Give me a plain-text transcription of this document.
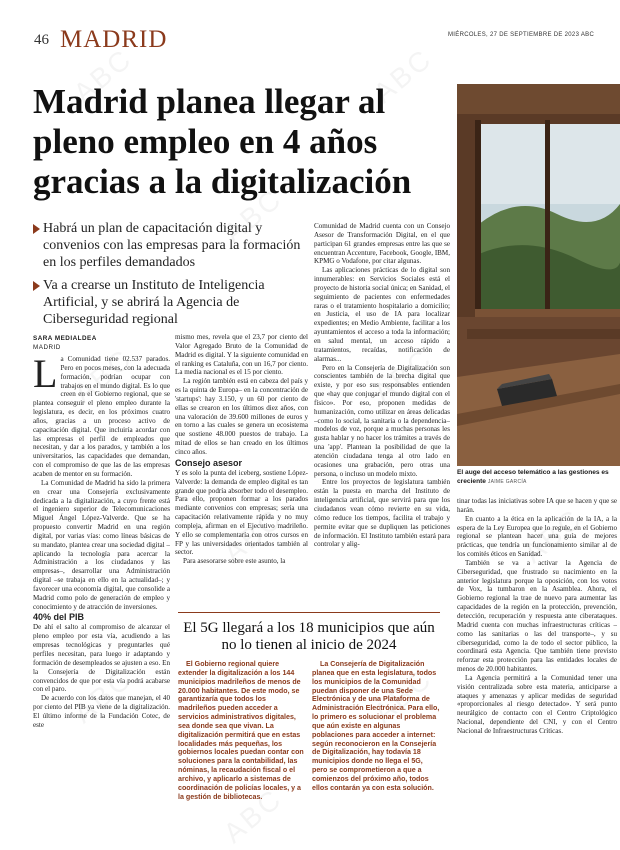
46 MADRID	MIÉRCOLES, 27 DE SEPTIEMBRE DE 2023 ABC
Madrid planea llegar al pleno empleo en 4 años gracias a la digitalización
El auge del acceso telemático a las gestiones es creciente JAIME GARCÍA
Habrá un plan de capacitación digital y convenios con las empresas para la formación en los perfiles demandados
Va a crearse un Instituto de Inteligencia Artificial, y se abrirá la Agencia de Ciberseguridad regional
SARA MEDIALDEA
MADRID

La Comunidad tiene 02.537 parados. Pero en pocos meses, con la adecuada formación, podrían ocupar con trabajos en el mundo digital. Es lo que creen en el Gobierno regional, que se plantea conseguir el pleno empleo durante la legislatura, es decir, en los próximos cuatro años, gracias a un proceso activo de capacitación digital. Que incluiría acordar con las empresas el perfil de empleados que necesitan, y dar a los parados, y también a los universitarios, las capacidades que demandan, con el compromiso de que las de las empresas acaben de mentor en su formación.

La Comunidad de Madrid ha sido la primera en crear una Consejería exclusivamente dedicada a la digitalización, a cuyo frente está el ingeniero superior de Telecomunicaciones Miguel Ángel López-Valverde. Que se ha propuesto convertir Madrid en una región digital, por varias vías: como líneas básicas de su mandato, plantea crear una sociedad digital –aplicando la tecnología para acercar la Administración a los ciudadanos y las empresas–, desarrollar una Administración digital –se trabaja en ello en la actualidad–; y favorecer una economía digital, que consolide a Madrid como polo de generación de empleo y conocimiento y de atracción de inversiones.

40% del PIB

De ahí el salto al compromiso de alcanzar el pleno empleo por esta vía, acudiendo a las empresas tecnológicas y preguntarles qué perfiles necesitan, para luego ir adaptando y formación de desempleados se ajusten a eso. En la Consejería de Digitalización están convencidos de que por esta vía podrá acabarse con el paro.

De acuerdo con los datos que manejan, el 40 por ciento del PIB ya viene de la digitalización. El último informe de la Fundación Cotec, de este

mismo mes, revela que el 23,7 por ciento del Valor Agregado Bruto de la Comunidad de Madrid es digital. Y la siguiente comunidad en el ranking es Cataluña, con un 16,7 por ciento. La media nacional es el 15 por ciento.

La región también está en cabeza del país y es la quinta de Europa– en la concentración de 'startups': hay 3.150, y un 60 por ciento de ellas se crearon en los últimos diez años, con una valoración de 39.600 millones de euros y en torno a las cuales se genera un ecosistema que sostiene 48.000 puestos de trabajo. La mitad de ellos se han creado en los últimos cinco años.

Consejo asesor

Y es solo la punta del iceberg, sostiene López-Valverde: la demanda de empleo digital es tan grande que podría absorber todo el desempleo. Para ello, proponen formar a los parados mediante convenios con empresas; sería una capacitación relativamente rápida y no muy compleja, afirman en el Ejecutivo madrileño. Y ello se complementaría con otros cursos en FP y las universidades orientados también al sector.

Para asesorarse sobre este asunto, la

Comunidad de Madrid cuenta con un Consejo Asesor de Transformación Digital, en el que participan 61 grandes empresas entre las que se encuentran Accenture, Facebook, Google, IBM, KPMG o Vodafone, por citar algunas.

Las aplicaciones prácticas de lo digital son innumerables: en Servicios Sociales está el proyecto de historia social única; en Sanidad, el seguimiento de pacientes con enfermedades raras o el tratamiento hospitalario a domicilio; en Justicia, el uso de IA para localizar expedientes; en Medio Ambiente, facilitar a los ayuntamientos el acceso a toda la información; en salud mental, un acceso rápido a tratamientos, recaídas, notificación de alarmas...

Pero en la Consejería de Digitalización son conscientes también de la brecha digital que existe, y por eso sus responsables entienden que «hay que conjugar el mundo digital con el físico». Por eso, proponen medidas de humanización, como utilizar en áreas delicadas –como lo social, la sanitaria o la dependencia– modelos de voz, porque a muchas personas les gusta hablar y no hacer los trámites a través de una 'app'. Plantean la posibilidad de que la atención ciudadana tenga al otro lado en ocasiones una grabación, pero otras una persona, o incluso un modelo mixto.

Entre los proyectos de legislatura también están la puesta en marcha del Instituto de inteligencia artificial, que servirá para que los ciudadanos vean cómo revierte en su vida, cómo reduce los tiempos, facilita el trabajo y permite evitar que se dupliquen las peticiones de información. El Instituto también estará para controlar y alig-

tinar todas las iniciativas sobre IA que se hacen y que se harán.

En cuanto a la ética en la aplicación de la IA, a la espera de la Ley Europea que lo regule, en el Gobierno regional se plantean hacer una guía de mejores prácticas, que tendría un funcionamiento similar al de los comités éticos en Sanidad.

También se va a activar la Agencia de Ciberseguridad, que frustrado su nacimiento en la anterior legislatura porque la oposición, con los votos de Vox, la tumbaron en la Asamblea. Ahora, el Gobierno regional la trae de nuevo para aumentar las capacidades de la región en la protección, prevención, detección, recuperación y respuesta ante ciberataques. Madrid cuenta con muchas infraestructuras críticas –como las sanitarias o las del transporte–, y su ciberseguridad, como la de todo el sector público, la coordinará esta Agencia. Que también tiene previsto reforzar esta protección para las entidades locales de menos de 20.000 habitantes.

La Agencia permitirá a la Comunidad tener una visión centralizada sobre esta materia, anticiparse a ataques y amenazas y aplicar medidas de seguridad «proporcionales al riesgo detectado». Y será punto neurálgico de contacto con el Centro Criptológico Nacional, dependiente del CNI, y con el Centro Nacional de Infraestructuras Críticas.

El 5G llegará a los 18 municipios que aún no lo tienen al inicio de 2024

El Gobierno regional quiere extender la digitalización a los 144 municipios madrileños de menos de 20.000 habitantes. De este modo, se garantizaría que todos los madrileños pueden acceder a servicios administrativos digitales, sea donde sea que vivan. La digitalización permitirá que en estas localidades más pequeñas, los gobiernos locales puedan contar con soluciones para la contabilidad, las nóminas, la recaudación fiscal o el archivo, y aplicarlo a sistemas de coordinación de policías locales, y a la gestión de bibliotecas.

La Consejería de Digitalización planea que en esta legislatura, todos los municipios de la Comunidad puedan disponer de una Sede Electrónica y de una Plataforma de Administración Electrónica. Para ello, lo primero es solucionar el problema que aún existe en algunas poblaciones para acceder a internet: según reconocieron en la Consejería de Digitalización, hay todavía 18 municipios donde no llega el 5G, pero se comprometieron a que a comienzos del próximo año, todos ellos contarán ya con esta solución.
